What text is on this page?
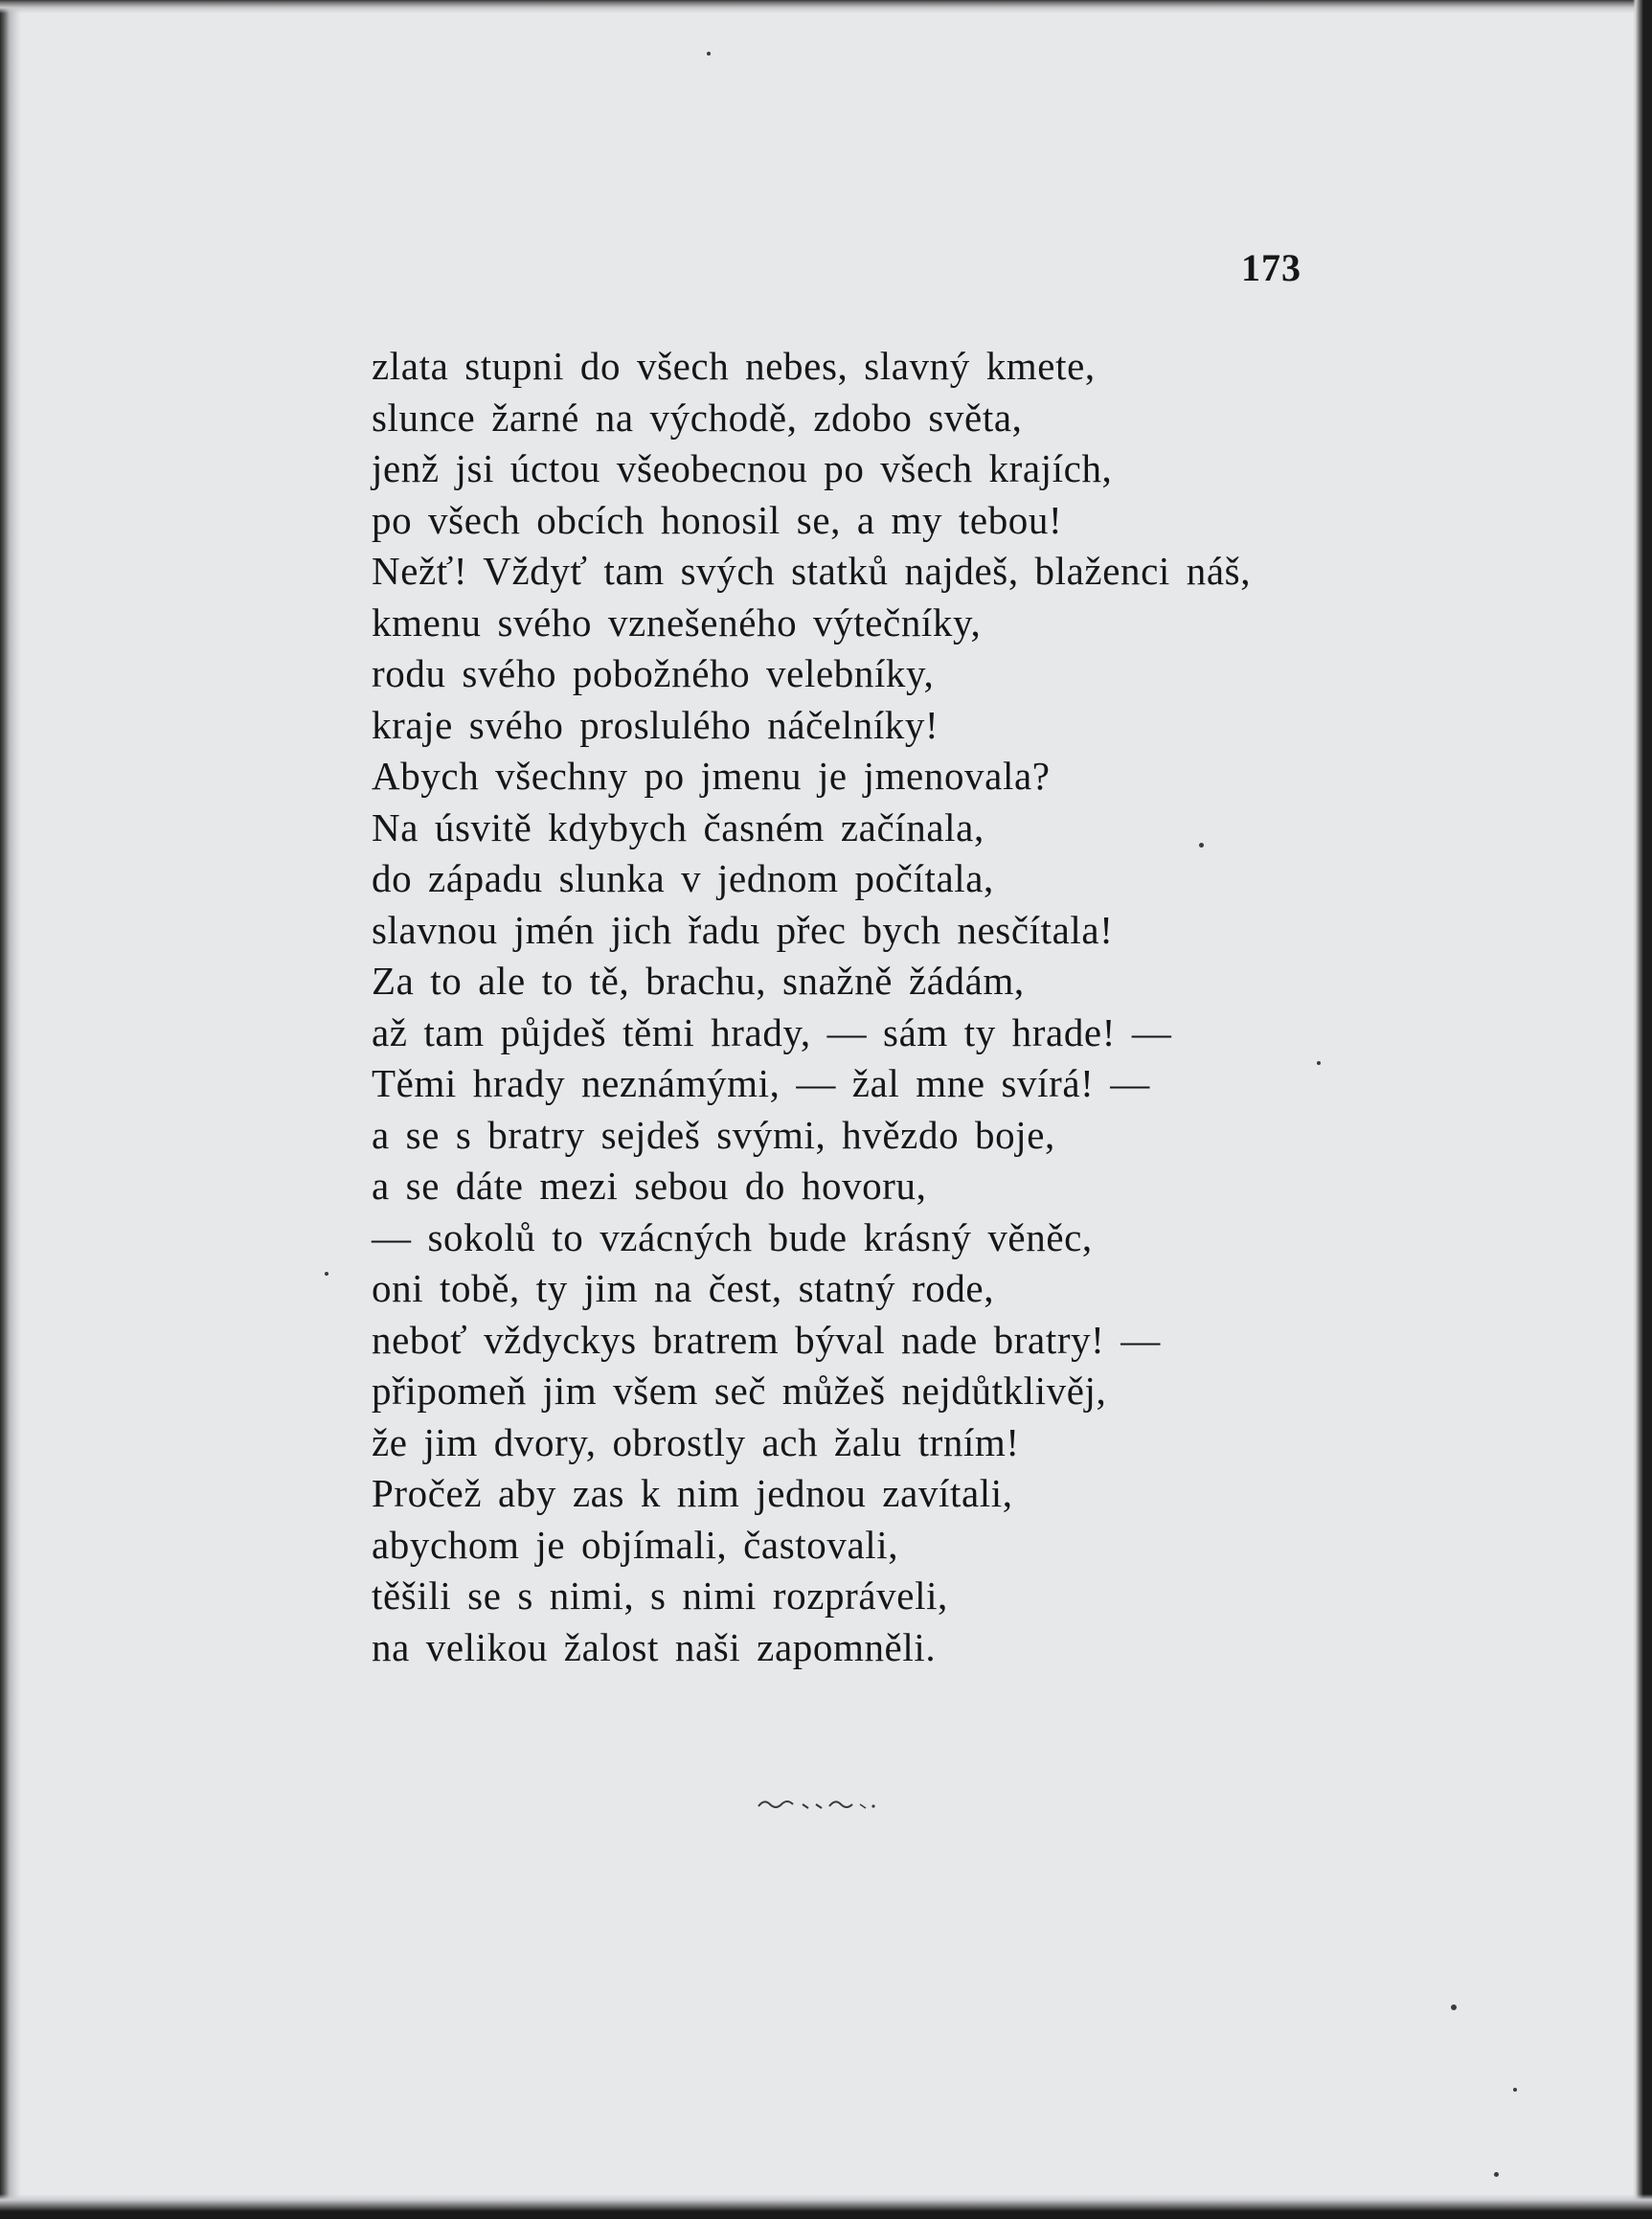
173
zlata stupni do všech nebes, slavný kmete,
slunce žarné na východě, zdobo světa,
jenž jsi úctou všeobecnou po všech krajích,
po všech obcích honosil se, a my tebou!
Nežť! Vždyť tam svých statků najdeš, blaženci náš,
kmenu svého vznešeného výtečníky,
rodu svého pobožného velebníky,
kraje svého proslulého náčelníky!
Abych všechny po jmenu je jmenovala?
Na úsvitě kdybych časném začínala,
do západu slunka v jednom počítala,
slavnou jmén jich řadu přec bych nesčítala!
Za to ale to tě, brachu, snažně žádám,
až tam půjdeš těmi hrady, — sám ty hrade! —
Těmi hrady neznámými, — žal mne svírá! —
a se s bratry sejdeš svými, hvězdo boje,
a se dáte mezi sebou do hovoru,
— sokolů to vzácných bude krásný věněc,
oni tobě, ty jim na čest, statný rode,
neboť vždyckys bratrem býval nade bratry! —
připomeň jim všem seč můžeš nejdůtklivěj,
že jim dvory, obrostly ach žalu trním!
Pročež aby zas k nim jednou zavítali,
abychom je objímali, častovali,
těšili se s nimi, s nimi rozpráveli,
na velikou žalost naši zapomněli.
